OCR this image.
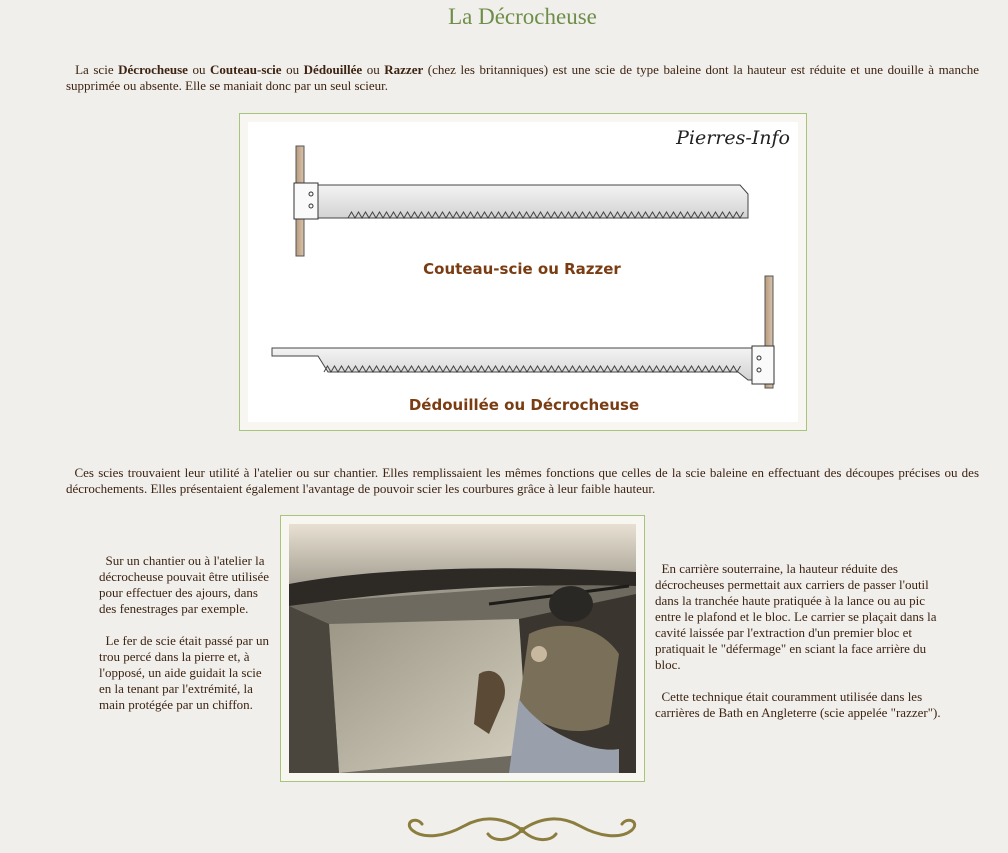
La Décrocheuse
La scie Décrocheuse ou Couteau-scie ou Dédouillée ou Razzer (chez les britanniques) est une scie de type baleine dont la hauteur est réduite et une douille à manche supprimée ou absente. Elle se maniait donc par un seul scieur.
Pierres-Info
Couteau-scie ou Razzer
Dédouillée ou Décrocheuse
Ces scies trouvaient leur utilité à l'atelier ou sur chantier. Elles remplissaient les mêmes fonctions que celles de la scie baleine en effectuant des découpes précises ou des décrochements. Elles présentaient également l'avantage de pouvoir scier les courbures grâce à leur faible hauteur.

Sur un chantier ou à l'atelier la décrocheuse pouvait être utilisée pour effectuer des ajours, dans des fenestrages par exemple.

Le fer de scie était passé par un trou percé dans la pierre et, à l'opposé, un aide guidait la scie en la tenant par l'extrémité, la main protégée par un chiffon.

En carrière souterraine, la hauteur réduite des décrocheuses permettait aux carriers de passer l'outil dans la tranchée haute pratiquée à la lance ou au pic entre le plafond et le bloc. Le carrier se plaçait dans la cavité laissée par l'extraction d'un premier bloc et pratiquait le "défermage" en sciant la face arrière du bloc.

Cette technique était couramment utilisée dans les carrières de Bath en Angleterre (scie appelée "razzer").
